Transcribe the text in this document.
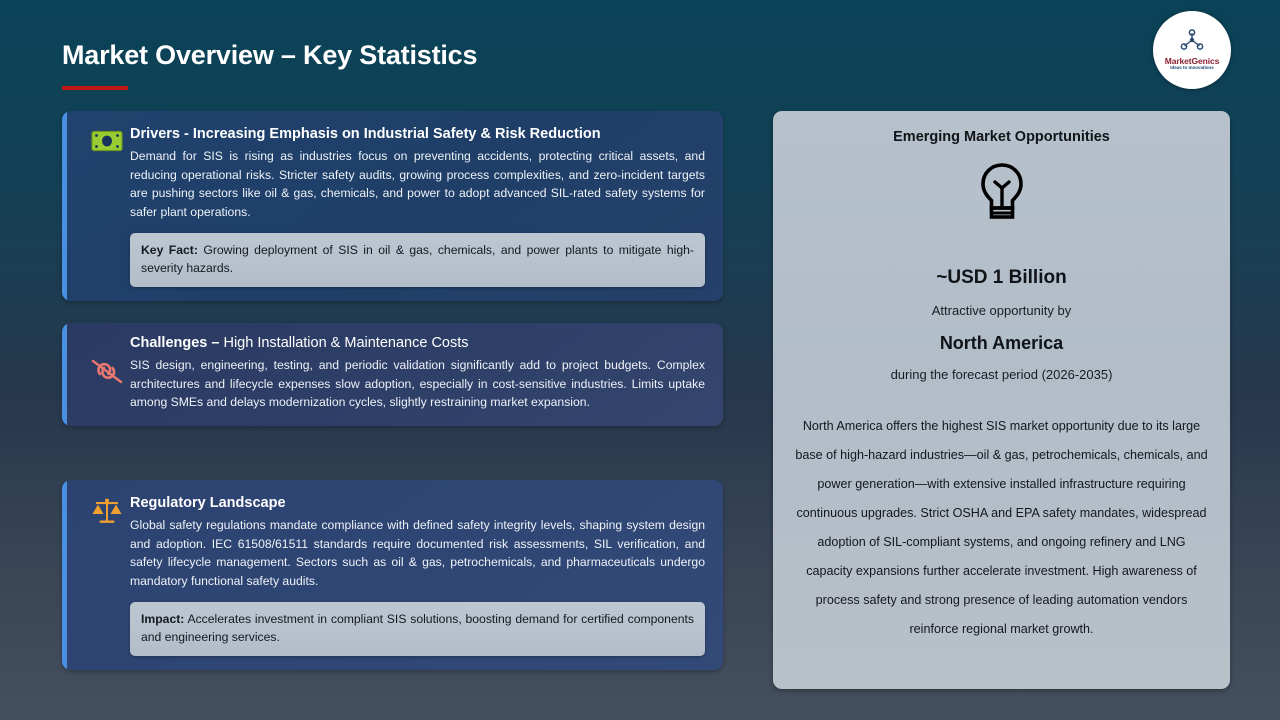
Market Overview – Key Statistics	MarketGenics
Ideas to Innovations
Drivers - Increasing Emphasis on Industrial Safety & Risk Reduction
Demand for SIS is rising as industries focus on preventing accidents, protecting critical assets, and reducing operational risks. Stricter safety audits, growing process complexities, and zero-incident targets are pushing sectors like oil & gas, chemicals, and power to adopt advanced SIL-rated safety systems for safer plant operations.
Key Fact: Growing deployment of SIS in oil & gas, chemicals, and power plants to mitigate high-severity hazards.
Challenges – High Installation & Maintenance Costs
SIS design, engineering, testing, and periodic validation significantly add to project budgets. Complex architectures and lifecycle expenses slow adoption, especially in cost-sensitive industries. Limits uptake among SMEs and delays modernization cycles, slightly restraining market expansion.
Regulatory Landscape
Global safety regulations mandate compliance with defined safety integrity levels, shaping system design and adoption. IEC 61508/61511 standards require documented risk assessments, SIL verification, and safety lifecycle management. Sectors such as oil & gas, petrochemicals, and pharmaceuticals undergo mandatory functional safety audits.
Impact: Accelerates investment in compliant SIS solutions, boosting demand for certified components and engineering services.
Emerging Market Opportunities
~USD 1 Billion
Attractive opportunity by
North America
during the forecast period (2026-2035)
North America offers the highest SIS market opportunity due to its large base of high-hazard industries—oil & gas, petrochemicals, chemicals, and power generation—with extensive installed infrastructure requiring continuous upgrades. Strict OSHA and EPA safety mandates, widespread adoption of SIL-compliant systems, and ongoing refinery and LNG capacity expansions further accelerate investment. High awareness of process safety and strong presence of leading automation vendors reinforce regional market growth.
